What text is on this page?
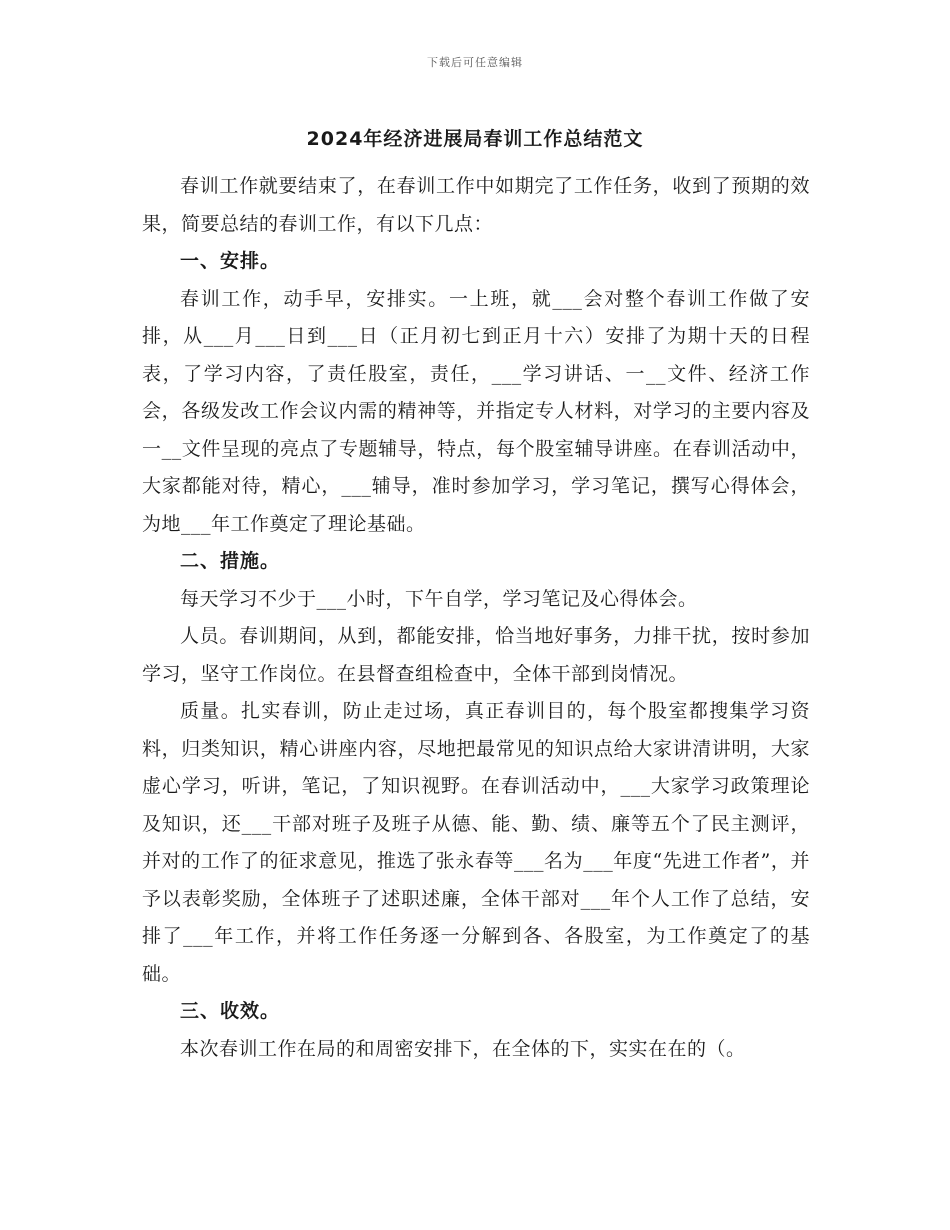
下载后可任意编辑
2024年经济进展局春训工作总结范文

春训工作就要结束了，在春训工作中如期完了工作任务，收到了预期的效果，简要总结的春训工作，有以下几点：

一、安排。

春训工作，动手早，安排实。一上班，就___会对整个春训工作做了安排，从___月___日到___日（正月初七到正月十六）安排了为期十天的日程表，了学习内容，了责任股室，责任，___学习讲话、一__文件、经济工作会，各级发改工作会议内需的精神等，并指定专人材料，对学习的主要内容及一__文件呈现的亮点了专题辅导，特点，每个股室辅导讲座。在春训活动中，大家都能对待，精心，___辅导，准时参加学习，学习笔记，撰写心得体会，为地___年工作奠定了理论基础。

二、措施。

每天学习不少于___小时，下午自学，学习笔记及心得体会。

人员。春训期间，从到，都能安排，恰当地好事务，力排干扰，按时参加学习，坚守工作岗位。在县督查组检查中，全体干部到岗情况。

质量。扎实春训，防止走过场，真正春训目的，每个股室都搜集学习资料，归类知识，精心讲座内容，尽地把最常见的知识点给大家讲清讲明，大家虚心学习，听讲，笔记，了知识视野。在春训活动中，___大家学习政策理论及知识，还___干部对班子及班子从德、能、勤、绩、廉等五个了民主测评，并对的工作了的征求意见，推选了张永春等___名为___年度“先进工作者”，并予以表彰奖励，全体班子了述职述廉，全体干部对___年个人工作了总结，安排了___年工作，并将工作任务逐一分解到各、各股室，为工作奠定了的基础。

三、收效。

本次春训工作在局的和周密安排下，在全体的下，实实在在的（。
